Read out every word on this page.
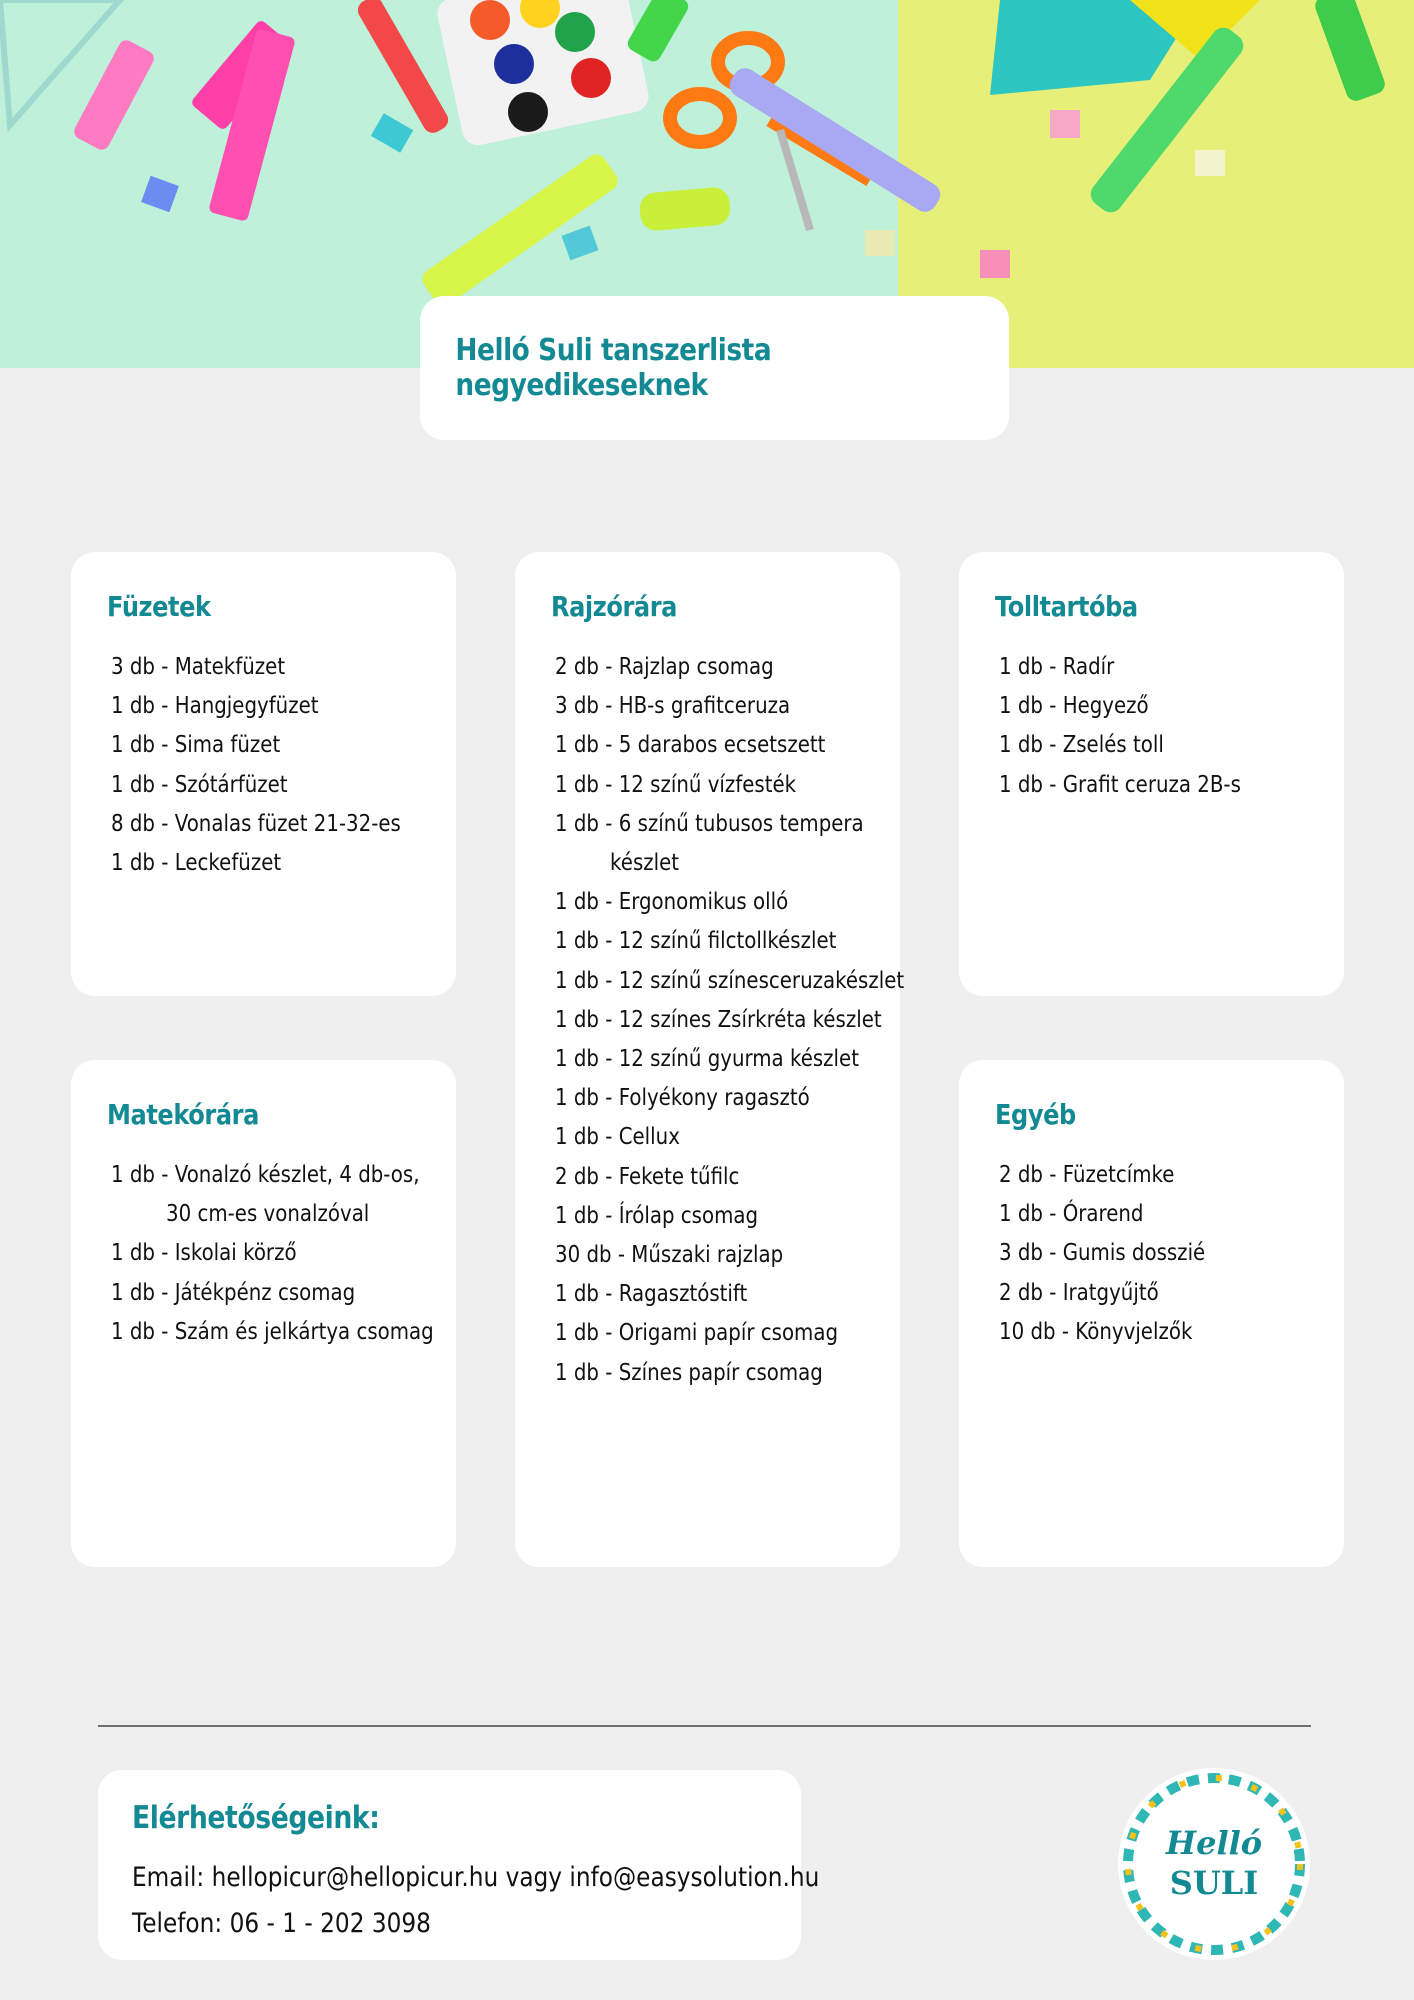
Helló Suli tanszerlista negyedikeseknek
Füzetek
3 db - Matekfüzet
1 db - Hangjegyfüzet
1 db - Sima füzet
1 db - Szótárfüzet
8 db - Vonalas füzet 21-32-es
1 db - Leckefüzet
Rajzórára
2 db - Rajzlap csomag
3 db - HB-s grafitceruza
1 db - 5 darabos ecsetszett
1 db - 12 színű vízfesték
1 db - 6 színű tubusos tempera
készlet
1 db - Ergonomikus olló
1 db - 12 színű filctollkészlet
1 db - 12 színű színesceruzakészlet
1 db - 12 színes Zsírkréta készlet
1 db - 12 színű gyurma készlet
1 db - Folyékony ragasztó
1 db - Cellux
2 db - Fekete tűfilc
1 db - Írólap csomag
30 db - Műszaki rajzlap
1 db - Ragasztóstift
1 db - Origami papír csomag
1 db - Színes papír csomag
Tolltartóba
1 db - Radír
1 db - Hegyező
1 db - Zselés toll
1 db - Grafit ceruza 2B-s
Matekórára
1 db - Vonalzó készlet, 4 db-os,
30 cm-es vonalzóval
1 db - Iskolai körző
1 db - Játékpénz csomag
1 db - Szám és jelkártya csomag
Egyéb
2 db - Füzetcímke
1 db - Órarend
3 db - Gumis dosszié
2 db - Iratgyűjtő
10 db - Könyvjelzők
Elérhetőségeink:
Email: hellopicur@hellopicur.hu vagy info@easysolution.hu
Telefon: 06 - 1 - 202 3098
Helló
SULI
